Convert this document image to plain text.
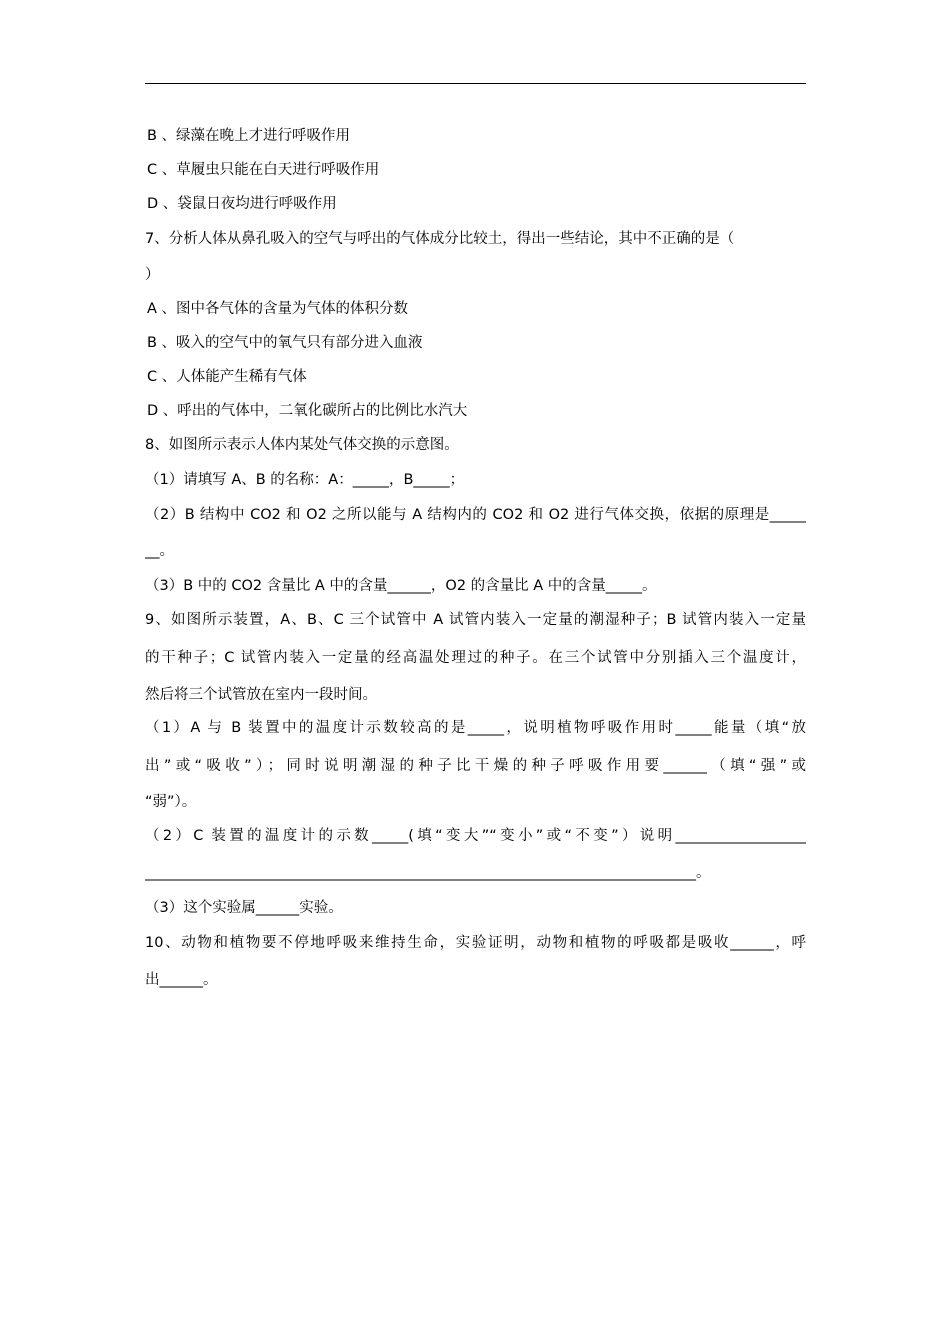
B 、绿藻在晚上才进行呼吸作用
C 、草履虫只能在白天进行呼吸作用
D 、袋鼠日夜均进行呼吸作用
7、分析人体从鼻孔吸入的空气与呼出的气体成分比较土，得出一些结论，其中不正确的是（
）
A 、图中各气体的含量为气体的体积分数
B 、吸入的空气中的氧气只有部分进入血液
C 、人体能产生稀有气体
D 、呼出的气体中，二氧化碳所占的比例比水汽大
8、如图所示表示人体内某处气体交换的示意图。
（1）请填写 A、B 的名称：A：_____，B_____；
（2）B 结构中 CO2 和 O2 之所以能与 A 结构内的 CO2 和 O2 进行气体交换，依据的原理是_____
__。
（3）B 中的 CO2 含量比 A 中的含量______，O2 的含量比 A 中的含量_____。
9、如图所示装置，A、B、C 三个试管中 A 试管内装入一定量的潮湿种子；B 试管内装入一定量
的干种子；C 试管内装入一定量的经高温处理过的种子。在三个试管中分别插入三个温度计，
然后将三个试管放在室内一段时间。
（1）A 与 B 装置中的温度计示数较高的是_____，说明植物呼吸作用时_____能量（填“放
出”或“吸收”）；同时说明潮湿的种子比干燥的种子呼吸作用要______（填“强”或
“弱”）。
（2）C 装置的温度计的示数_____(填“变大”“变小”或“不变”）说明__________________
____________________________________________________________________________。
（3）这个实验属______实验。
10、动物和植物要不停地呼吸来维持生命，实验证明，动物和植物的呼吸都是吸收______，呼
出______。
